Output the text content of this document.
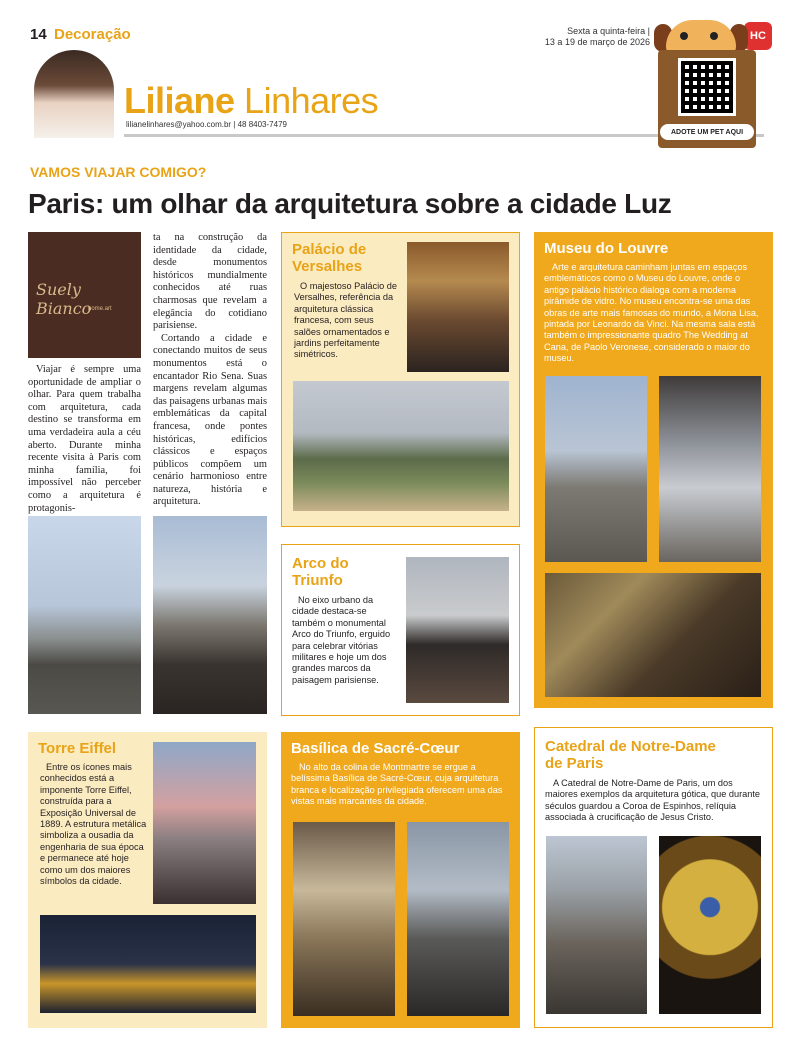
14 Decoração	Sexta a quinta-feira |
13 a 19 de março de 2026	HC
Liliane Linhares
lilianelinhares@yahoo.com.br | 48 8403-7479
ADOTE UM PET AQUI
VAMOS VIAJAR COMIGO?
Paris: um olhar da arquitetura sobre a cidade Luz
Suely Bianco
home.art

Viajar é sempre uma oportunidade de ampliar o olhar. Para quem trabalha com arquitetura, cada destino se transforma em uma verdadeira aula a céu aberto. Durante minha recente visita à Paris com minha família, foi impossível não perceber como a arquitetura é protagonis-

ta na construção da identidade da cidade, desde monumentos históricos mundialmente conhecidos até ruas charmosas que revelam a elegância do cotidiano parisiense.

Cortando a cidade e conectando muitos de seus monumentos está o encantador Rio Sena. Suas margens revelam algumas das paisagens urbanas mais emblemáticas da capital francesa, onde pontes históricas, edifícios clássicos e espaços públicos compõem um cenário harmonioso entre natureza, história e arquitetura.

Palácio de Versalhes
O majestoso Palácio de Versalhes, referência da arquitetura clássica francesa, com seus salões ornamentados e jardins perfeitamente simétricos.
Museu do Louvre
Arte e arquitetura caminham juntas em espaços emblemáticos como o Museu do Louvre, onde o antigo palácio histórico dialoga com a moderna pirâmide de vidro. No museu encontra-se uma das obras de arte mais famosas do mundo, a Mona Lisa, pintada por Leonardo da Vinci. Na mesma sala está também o impressionante quadro The Wedding at Cana, de Paolo Veronese, considerado o maior do museu.
Arco do Triunfo
No eixo urbano da cidade destaca-se também o monumental Arco do Triunfo, erguido para celebrar vitórias militares e hoje um dos grandes marcos da paisagem parisiense.
Torre Eiffel
Entre os ícones mais conhecidos está a imponente Torre Eiffel, construída para a Exposição Universal de 1889. A estrutura metálica simboliza a ousadia da engenharia de sua época e permanece até hoje como um dos maiores símbolos da cidade.
Basílica de Sacré-Cœur
No alto da colina de Montmartre se ergue a belíssima Basílica de Sacré-Cœur, cuja arquitetura branca e localização privilegiada oferecem uma das vistas mais marcantes da cidade.
Catedral de Notre-Dame de Paris
A Catedral de Notre-Dame de Paris, um dos maiores exemplos da arquitetura gótica, que durante séculos guardou a Coroa de Espinhos, relíquia associada à crucificação de Jesus Cristo.
